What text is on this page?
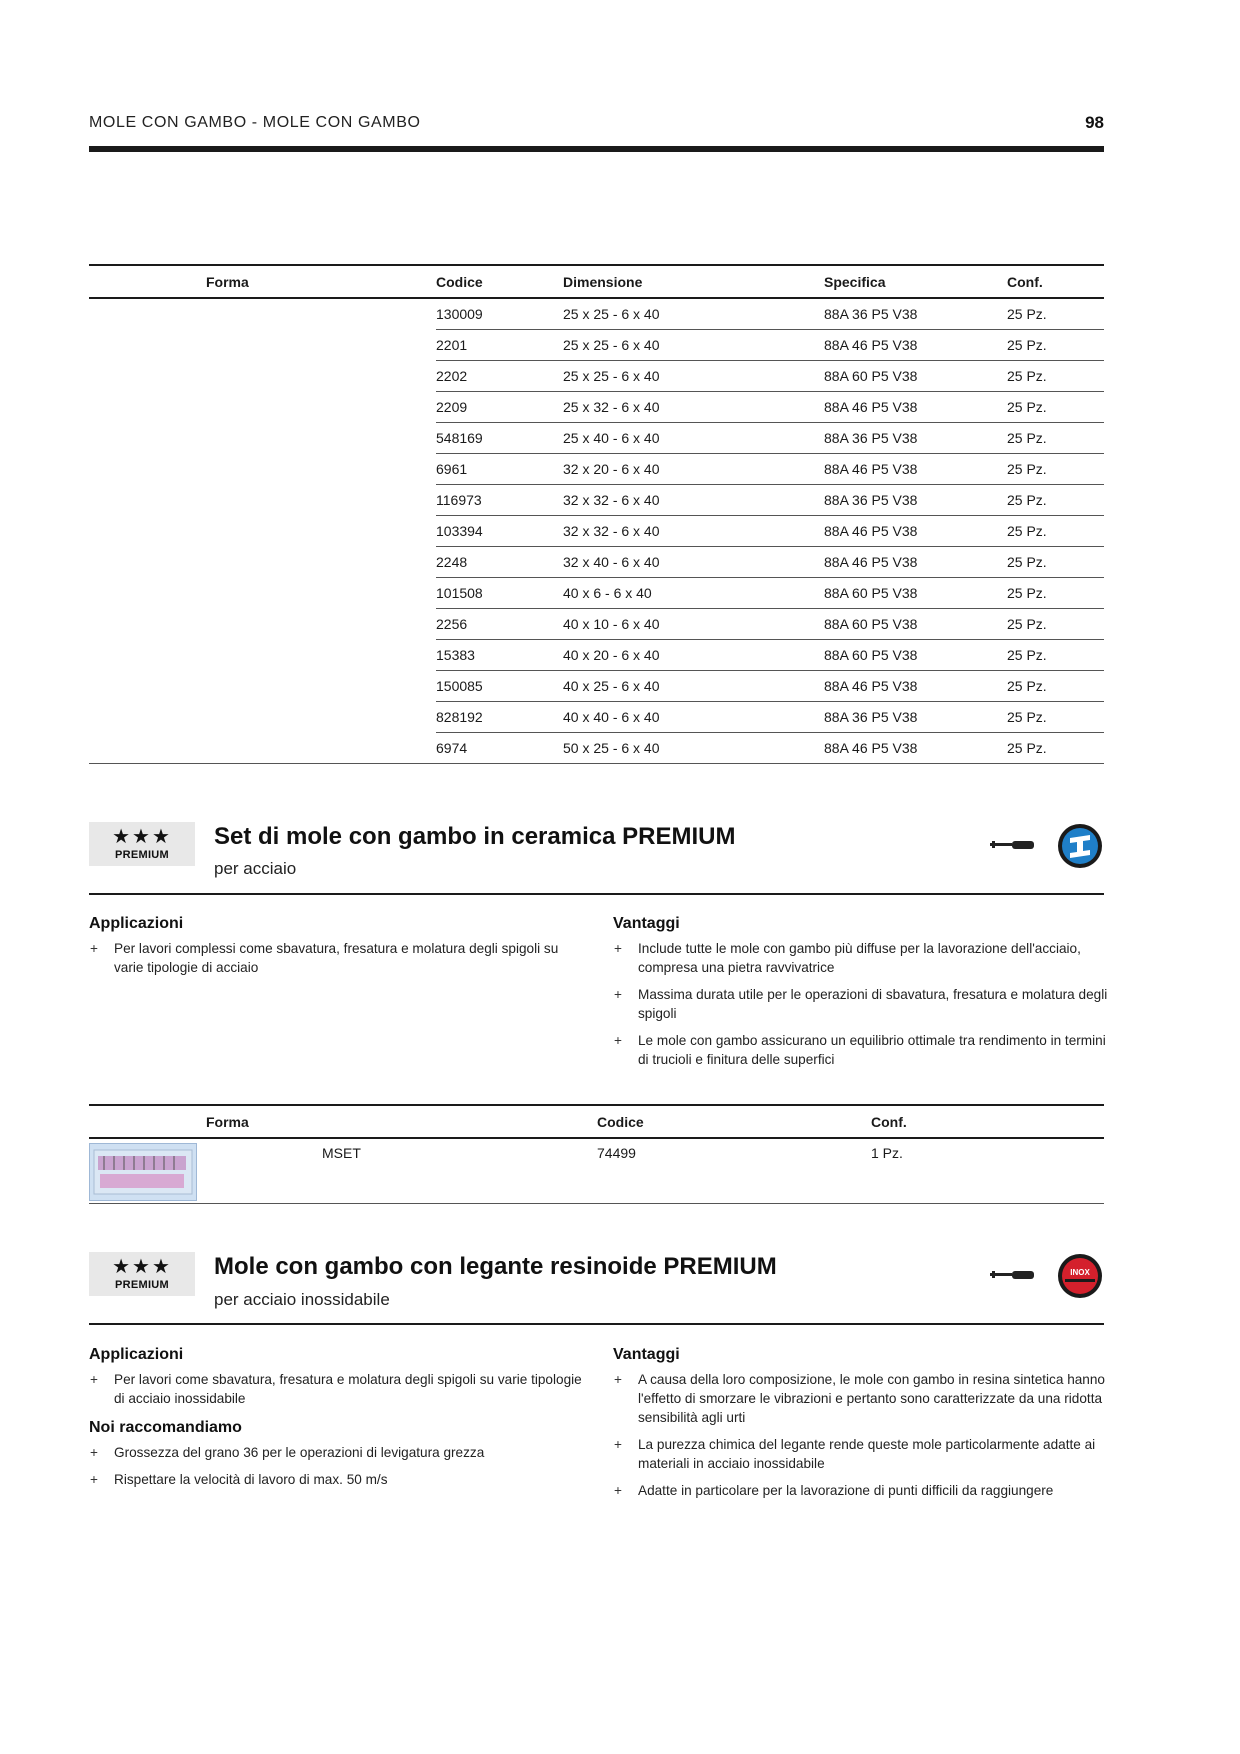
MOLE CON GAMBO - MOLE CON GAMBO	98
Forma	Codice	Dimensione	Specifica	Conf.
	130009	25 x 25 - 6 x 40	88A 36 P5 V38	25 Pz.
	2201	25 x 25 - 6 x 40	88A 46 P5 V38	25 Pz.
	2202	25 x 25 - 6 x 40	88A 60 P5 V38	25 Pz.
	2209	25 x 32 - 6 x 40	88A 46 P5 V38	25 Pz.
	548169	25 x 40 - 6 x 40	88A 36 P5 V38	25 Pz.
	6961	32 x 20 - 6 x 40	88A 46 P5 V38	25 Pz.
	116973	32 x 32 - 6 x 40	88A 36 P5 V38	25 Pz.
	103394	32 x 32 - 6 x 40	88A 46 P5 V38	25 Pz.
	2248	32 x 40 - 6 x 40	88A 46 P5 V38	25 Pz.
	101508	40 x 6 - 6 x 40	88A 60 P5 V38	25 Pz.
	2256	40 x 10 - 6 x 40	88A 60 P5 V38	25 Pz.
	15383	40 x 20 - 6 x 40	88A 60 P5 V38	25 Pz.
	150085	40 x 25 - 6 x 40	88A 46 P5 V38	25 Pz.
	828192	40 x 40 - 6 x 40	88A 36 P5 V38	25 Pz.
	6974	50 x 25 - 6 x 40	88A 46 P5 V38	25 Pz.
★★★
PREMIUM
Set di mole con gambo in ceramica PREMIUM
per acciaio
Applicazioni
+ Per lavori complessi come sbavatura, fresatura e molatura degli spigoli su varie tipologie di acciaio
Vantaggi
+ Include tutte le mole con gambo più diffuse per la lavorazione dell'acciaio, compresa una pietra ravvivatrice
+ Massima durata utile per le operazioni di sbavatura, fresatura e molatura degli spigoli
+ Le mole con gambo assicurano un equilibrio ottimale tra rendimento in termini di trucioli e finitura delle superfici
Forma	Codice	Conf.

MSET	74499	1 Pz.
★★★
PREMIUM
Mole con gambo con legante resinoide PREMIUM
per acciaio inossidabile
INOX
Applicazioni
+ Per lavori come sbavatura, fresatura e molatura degli spigoli su varie tipologie di acciaio inossidabile
Noi raccomandiamo
+ Grossezza del grano 36 per le operazioni di levigatura grezza
+ Rispettare la velocità di lavoro di max. 50 m/s
Vantaggi
+ A causa della loro composizione, le mole con gambo in resina sintetica hanno l'effetto di smorzare le vibrazioni e pertanto sono caratterizzate da una ridotta sensibilità agli urti
+ La purezza chimica del legante rende queste mole particolarmente adatte ai materiali in acciaio inossidabile
+ Adatte in particolare per la lavorazione di punti difficili da raggiungere
